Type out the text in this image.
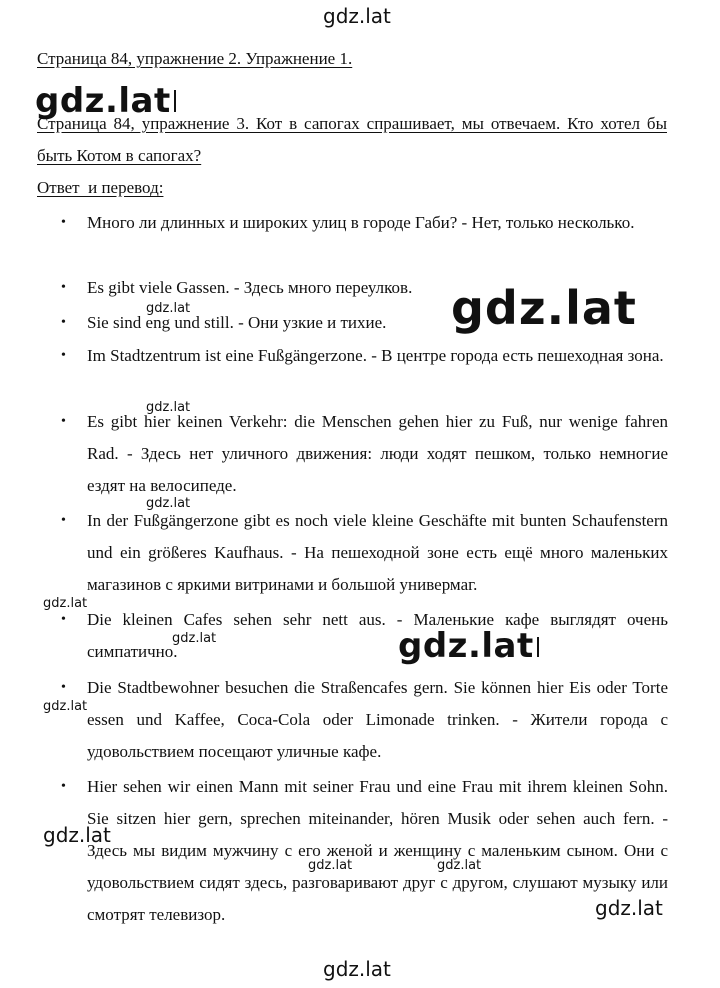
gdz.lat
gdz.lat
gdz.lat	gdz.lat
gdz.lat
gdz.lat
gdz.lat
gdz.lat	gdz.lat
gdz.lat
gdz.lat
gdz.lat	gdz.lat
gdz.lat
gdz.lat
Страница 84, упражнение 2. Упражнение 1.
Страница 84, упражнение 3. Кот в сапогах спрашивает, мы отвечаем. Кто хотел бы быть Котом в сапогах?
Ответ  и перевод:
• Много ли длинных и широких улиц в городе Габи? - Нет, только несколько.
• Es gibt viele Gassen. - Здесь много переулков.
• Sie sind eng und still. - Они узкие и тихие.
• Im Stadtzentrum ist eine Fußgängerzone. - В центре города есть пешеходная зона.
• Es gibt hier keinen Verkehr: die Menschen gehen hier zu Fuß, nur wenige fahren Rad. - Здесь нет уличного движения: люди ходят пешком, только немногие ездят на велосипеде.
• In der Fußgängerzone gibt es noch viele kleine Geschäfte mit bunten Schaufenstern und ein größeres Kaufhaus. - На пешеходной зоне есть ещё много маленьких магазинов с яркими витринами и большой универмаг.
• Die kleinen Cafes sehen sehr nett aus. - Маленькие кафе выглядят очень симпатично.
• Die Stadtbewohner besuchen die Straßencafes gern. Sie können hier Eis oder Torte essen und Kaffee, Coca-Cola oder Limonade trinken. - Жители города с удовольствием посещают уличные кафе.
• Hier sehen wir einen Mann mit seiner Frau und eine Frau mit ihrem kleinen Sohn. Sie sitzen hier gern, sprechen miteinander, hören Musik oder sehen auch fern. - Здесь мы видим мужчину с его женой и женщину с маленьким сыном. Они с удовольствием сидят здесь, разговаривают друг с другом, слушают музыку или смотрят телевизор.
